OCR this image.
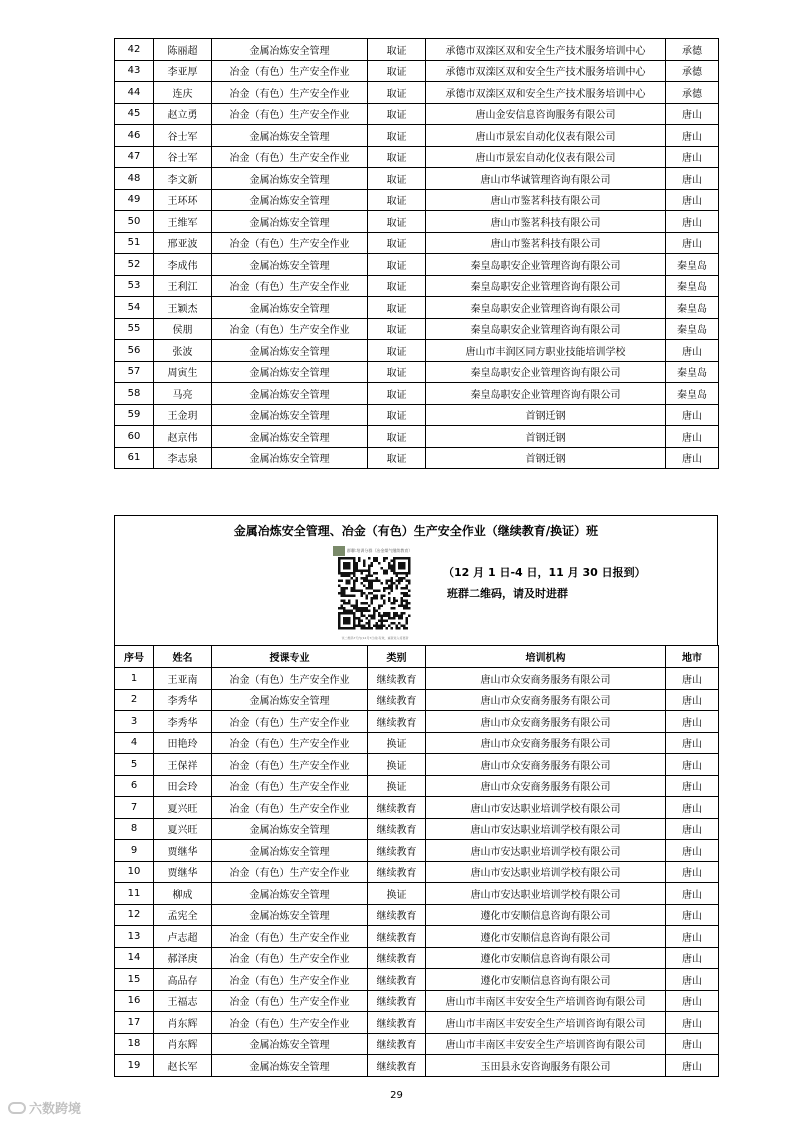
42	陈丽超	金属冶炼安全管理	取证	承德市双滦区双和安全生产技术服务培训中心	承德
43	李亚厚	冶金（有色）生产安全作业	取证	承德市双滦区双和安全生产技术服务培训中心	承德
44	连庆	冶金（有色）生产安全作业	取证	承德市双滦区双和安全生产技术服务培训中心	承德
45	赵立勇	冶金（有色）生产安全作业	取证	唐山金安信息咨询服务有限公司	唐山
46	谷士军	金属冶炼安全管理	取证	唐山市景宏自动化仪表有限公司	唐山
47	谷士军	冶金（有色）生产安全作业	取证	唐山市景宏自动化仪表有限公司	唐山
48	李文新	金属冶炼安全管理	取证	唐山市华诚管理咨询有限公司	唐山
49	王环环	金属冶炼安全管理	取证	唐山市鉴茗科技有限公司	唐山
50	王维军	金属冶炼安全管理	取证	唐山市鉴茗科技有限公司	唐山
51	邢亚波	冶金（有色）生产安全作业	取证	唐山市鉴茗科技有限公司	唐山
52	李成伟	金属冶炼安全管理	取证	秦皇岛职安企业管理咨询有限公司	秦皇岛
53	王利江	冶金（有色）生产安全作业	取证	秦皇岛职安企业管理咨询有限公司	秦皇岛
54	王颖杰	金属冶炼安全管理	取证	秦皇岛职安企业管理咨询有限公司	秦皇岛
55	侯朋	冶金（有色）生产安全作业	取证	秦皇岛职安企业管理咨询有限公司	秦皇岛
56	张波	金属冶炼安全管理	取证	唐山市丰润区同方职业技能培训学校	唐山
57	周寅生	金属冶炼安全管理	取证	秦皇岛职安企业管理咨询有限公司	秦皇岛
58	马亮	金属冶炼安全管理	取证	秦皇岛职安企业管理咨询有限公司	秦皇岛
59	王金玥	金属冶炼安全管理	取证	首钢迁钢	唐山
60	赵京伟	金属冶炼安全管理	取证	首钢迁钢	唐山
61	李志泉	金属冶炼安全管理	取证	首钢迁钢	唐山
金属冶炼安全管理、冶金（有色）生产安全作业（继续教育/换证）班
群聊:培训分群（冶金煤气继续教育）
该二维码7天内(12月7日前)有效，重新进入将更新
（12 月 1 日-4 日，11 月 30 日报到）
班群二维码，请及时进群
序号	姓名	授课专业	类别	培训机构	地市
1	王亚南	冶金（有色）生产安全作业	继续教育	唐山市众安商务服务有限公司	唐山
2	李秀华	金属冶炼安全管理	继续教育	唐山市众安商务服务有限公司	唐山
3	李秀华	冶金（有色）生产安全作业	继续教育	唐山市众安商务服务有限公司	唐山
4	田艳玲	冶金（有色）生产安全作业	换证	唐山市众安商务服务有限公司	唐山
5	王保祥	冶金（有色）生产安全作业	换证	唐山市众安商务服务有限公司	唐山
6	田会玲	冶金（有色）生产安全作业	换证	唐山市众安商务服务有限公司	唐山
7	夏兴旺	冶金（有色）生产安全作业	继续教育	唐山市安达职业培训学校有限公司	唐山
8	夏兴旺	金属冶炼安全管理	继续教育	唐山市安达职业培训学校有限公司	唐山
9	贾继华	金属冶炼安全管理	继续教育	唐山市安达职业培训学校有限公司	唐山
10	贾继华	冶金（有色）生产安全作业	继续教育	唐山市安达职业培训学校有限公司	唐山
11	柳成	金属冶炼安全管理	换证	唐山市安达职业培训学校有限公司	唐山
12	孟宪全	金属冶炼安全管理	继续教育	遵化市安顺信息咨询有限公司	唐山
13	卢志超	冶金（有色）生产安全作业	继续教育	遵化市安顺信息咨询有限公司	唐山
14	郝泽庚	冶金（有色）生产安全作业	继续教育	遵化市安顺信息咨询有限公司	唐山
15	高品存	冶金（有色）生产安全作业	继续教育	遵化市安顺信息咨询有限公司	唐山
16	王福志	冶金（有色）生产安全作业	继续教育	唐山市丰南区丰安安全生产培训咨询有限公司	唐山
17	肖东辉	冶金（有色）生产安全作业	继续教育	唐山市丰南区丰安安全生产培训咨询有限公司	唐山
18	肖东辉	金属冶炼安全管理	继续教育	唐山市丰南区丰安安全生产培训咨询有限公司	唐山
19	赵长军	金属冶炼安全管理	继续教育	玉田县永安咨询服务有限公司	唐山
29
六数跨境
